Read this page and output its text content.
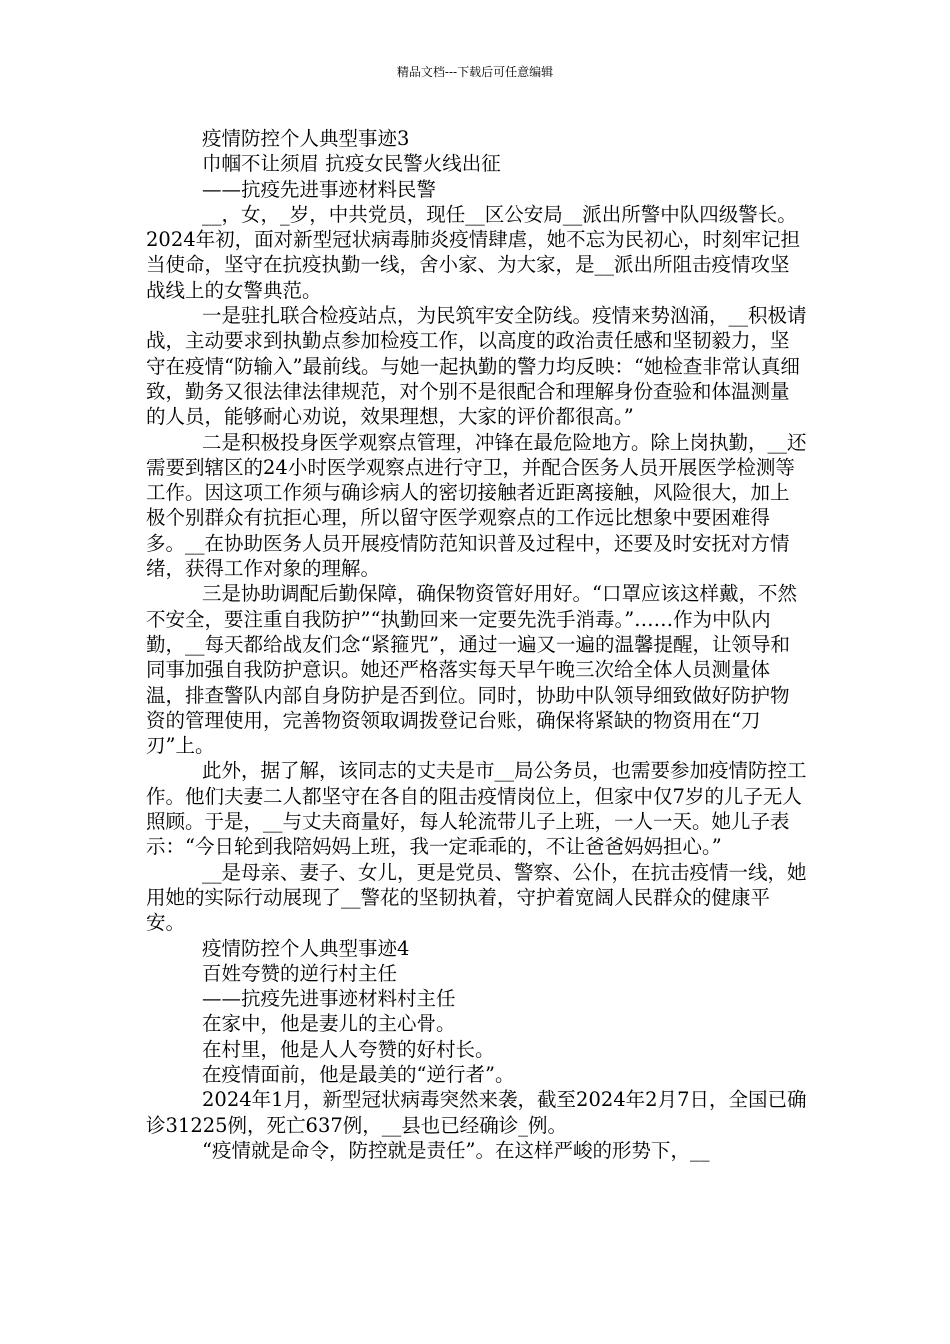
精品文档---下载后可任意编辑

疫情防控个人典型事迹3

巾帼不让须眉 抗疫女民警火线出征

——抗疫先进事迹材料民警

__，女，_岁，中共党员，现任__区公安局__派出所警中队四级警长。2024年初，面对新型冠状病毒肺炎疫情肆虐，她不忘为民初心，时刻牢记担当使命，坚守在抗疫执勤一线，舍小家、为大家，是__派出所阻击疫情攻坚战线上的女警典范。

一是驻扎联合检疫站点，为民筑牢安全防线。疫情来势汹涌，__积极请战，主动要求到执勤点参加检疫工作，以高度的政治责任感和坚韧毅力，坚守在疫情“防输入”最前线。与她一起执勤的警力均反映：“她检查非常认真细致，勤务又很法律法律规范，对个别不是很配合和理解身份查验和体温测量的人员，能够耐心劝说，效果理想，大家的评价都很高。”

二是积极投身医学观察点管理，冲锋在最危险地方。除上岗执勤，__还需要到辖区的24小时医学观察点进行守卫，并配合医务人员开展医学检测等工作。因这项工作须与确诊病人的密切接触者近距离接触，风险很大，加上极个别群众有抗拒心理，所以留守医学观察点的工作远比想象中要困难得多。__在协助医务人员开展疫情防范知识普及过程中，还要及时安抚对方情绪，获得工作对象的理解。

三是协助调配后勤保障，确保物资管好用好。“口罩应该这样戴，不然不安全，要注重自我防护”“执勤回来一定要先洗手消毒。”……作为中队内勤，__每天都给战友们念“紧箍咒”，通过一遍又一遍的温馨提醒，让领导和同事加强自我防护意识。她还严格落实每天早午晚三次给全体人员测量体温，排查警队内部自身防护是否到位。同时，协助中队领导细致做好防护物资的管理使用，完善物资领取调拨登记台账，确保将紧缺的物资用在“刀刃”上。

此外，据了解，该同志的丈夫是市__局公务员，也需要参加疫情防控工作。他们夫妻二人都坚守在各自的阻击疫情岗位上，但家中仅7岁的儿子无人照顾。于是，__与丈夫商量好，每人轮流带儿子上班，一人一天。她儿子表示：“今日轮到我陪妈妈上班，我一定乖乖的，不让爸爸妈妈担心。”

__是母亲、妻子、女儿，更是党员、警察、公仆，在抗击疫情一线，她用她的实际行动展现了__警花的坚韧执着，守护着宽阔人民群众的健康平安。

疫情防控个人典型事迹4

百姓夸赞的逆行村主任

——抗疫先进事迹材料村主任

在家中，他是妻儿的主心骨。

在村里，他是人人夸赞的好村长。

在疫情面前，他是最美的“逆行者”。

2024年1月，新型冠状病毒突然来袭，截至2024年2月7日，全国已确诊31225例，死亡637例，__县也已经确诊_例。

“疫情就是命令，防控就是责任”。在这样严峻的形势下，__
